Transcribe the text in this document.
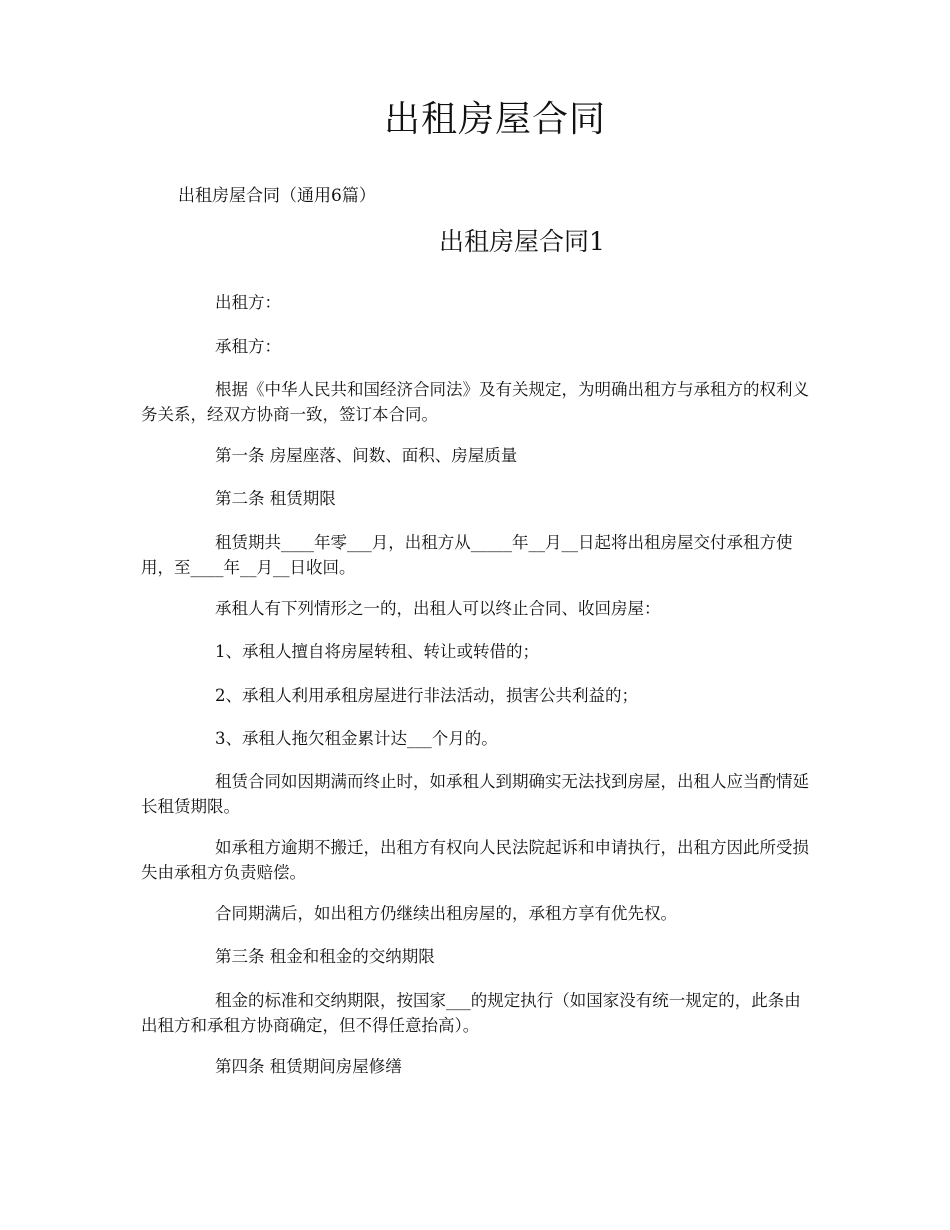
出租房屋合同

出租房屋合同（通用6篇）

出租房屋合同1

出租方：

承租方：

根据《中华人民共和国经济合同法》及有关规定，为明确出租方与承租方的权利义务关系，经双方协商一致，签订本合同。

第一条 房屋座落、间数、面积、房屋质量

第二条 租赁期限

租赁期共____年零___月，出租方从_____年__月__日起将出租房屋交付承租方使用，至____年__月__日收回。

承租人有下列情形之一的，出租人可以终止合同、收回房屋：

1、承租人擅自将房屋转租、转让或转借的；

2、承租人利用承租房屋进行非法活动，损害公共利益的；

3、承租人拖欠租金累计达___个月的。

租赁合同如因期满而终止时，如承租人到期确实无法找到房屋，出租人应当酌情延长租赁期限。

如承租方逾期不搬迁，出租方有权向人民法院起诉和申请执行，出租方因此所受损失由承租方负责赔偿。

合同期满后，如出租方仍继续出租房屋的，承租方享有优先权。

第三条 租金和租金的交纳期限

租金的标准和交纳期限，按国家___的规定执行（如国家没有统一规定的，此条由出租方和承租方协商确定，但不得任意抬高）。

第四条 租赁期间房屋修缮
